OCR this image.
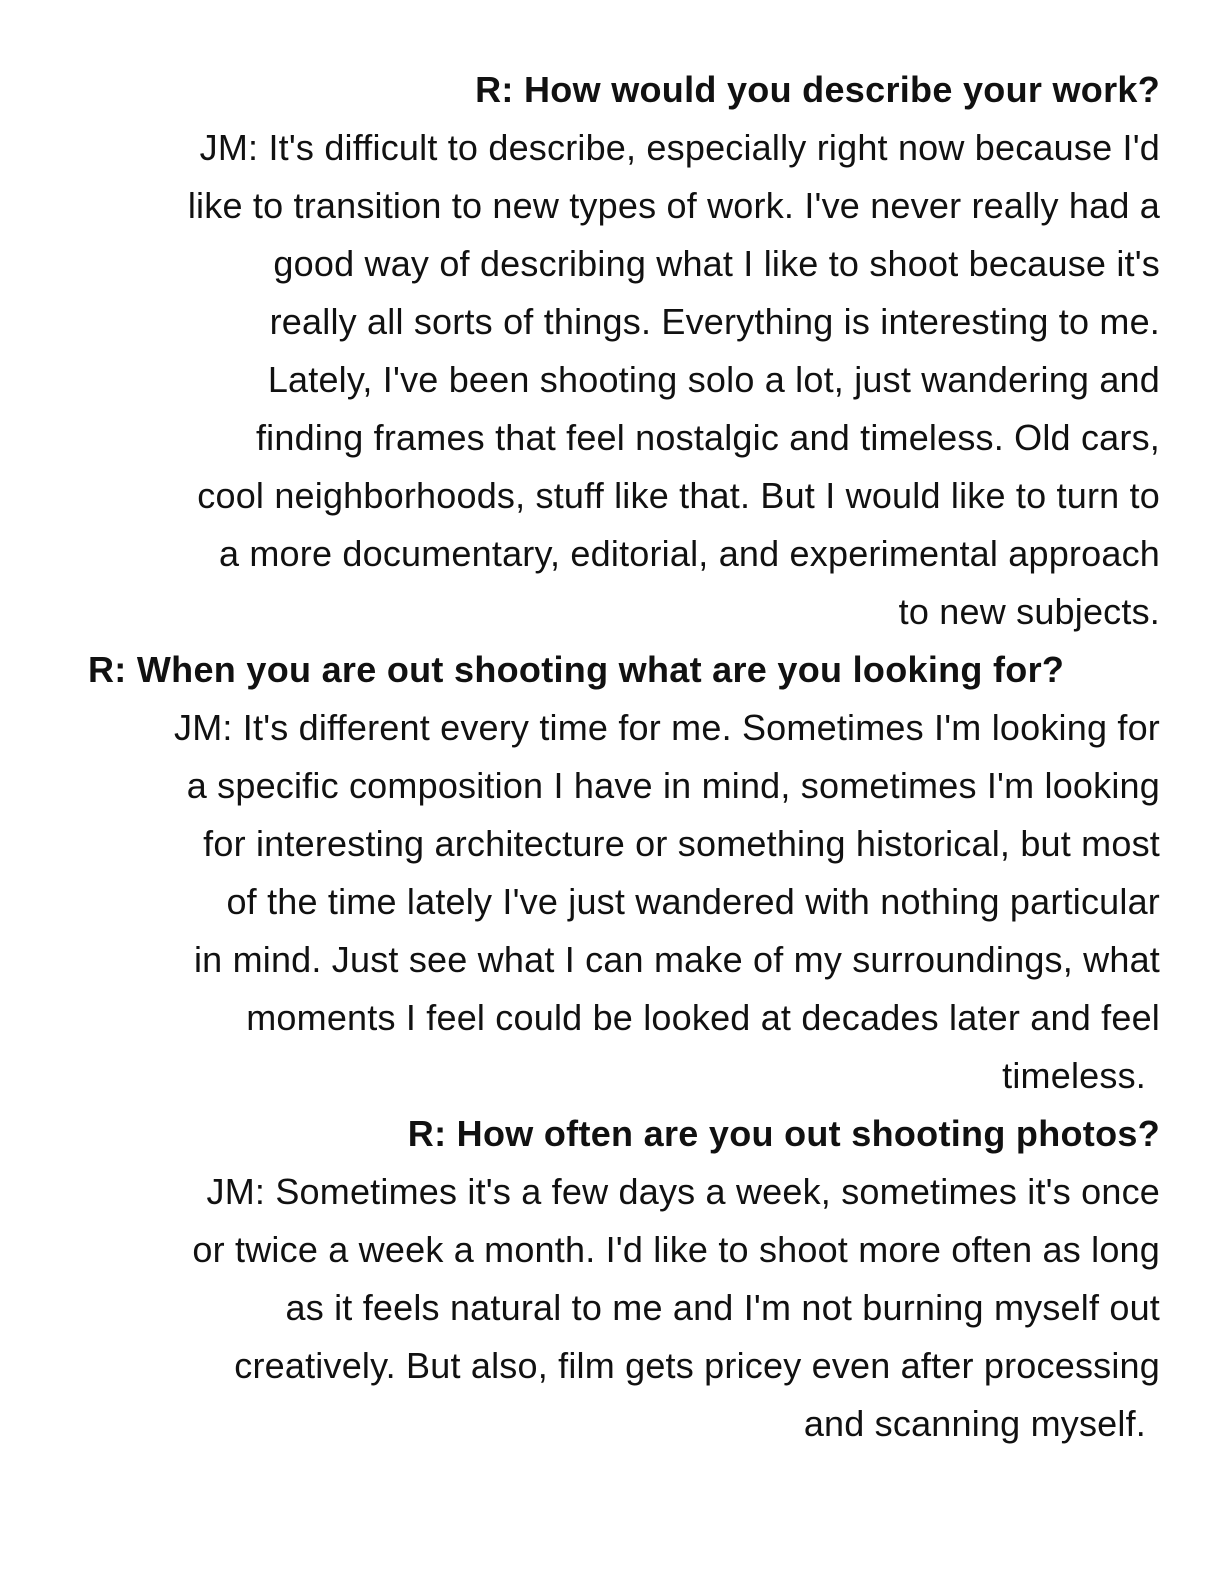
R: How would you describe your work?
JM: It's difficult to describe, especially right now because I'd
like to transition to new types of work. I've never really had a
good way of describing what I like to shoot because it's
really all sorts of things. Everything is interesting to me.
Lately, I've been shooting solo a lot, just wandering and
finding frames that feel nostalgic and timeless. Old cars,
cool neighborhoods, stuff like that. But I would like to turn to
a more documentary, editorial, and experimental approach
to new subjects.
R: When you are out shooting what are you looking for?
JM: It's different every time for me. Sometimes I'm looking for
a specific composition I have in mind, sometimes I'm looking
for interesting architecture or something historical, but most
of the time lately I've just wandered with nothing particular
in mind. Just see what I can make of my surroundings, what
moments I feel could be looked at decades later and feel
timeless.
R: How often are you out shooting photos?
JM: Sometimes it's a few days a week, sometimes it's once
or twice a week a month. I'd like to shoot more often as long
as it feels natural to me and I'm not burning myself out
creatively. But also, film gets pricey even after processing
and scanning myself.
